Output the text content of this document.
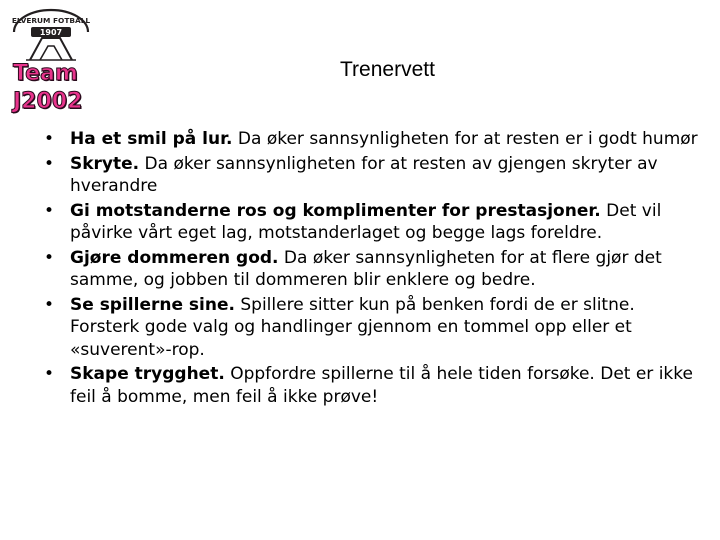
ELVERUM FOTBALL
1907
Team
J2002
Trenervett
• Ha et smil på lur. Da øker sannsynligheten for at resten er i godt humør
• Skryte. Da øker sannsynligheten for at resten av gjengen skryter av hverandre
• Gi motstanderne ros og komplimenter for prestasjoner. Det vil påvirke vårt eget lag, motstanderlaget og begge lags foreldre.
• Gjøre dommeren god. Da øker sannsynligheten for at flere gjør det samme, og jobben til dommeren blir enklere og bedre.
• Se spillerne sine. Spillere sitter kun på benken fordi de er slitne. Forsterk gode valg og handlinger gjennom en tommel opp eller et «suverent»-rop.
• Skape trygghet. Oppfordre spillerne til å hele tiden forsøke. Det er ikke feil å bomme, men feil å ikke prøve!
